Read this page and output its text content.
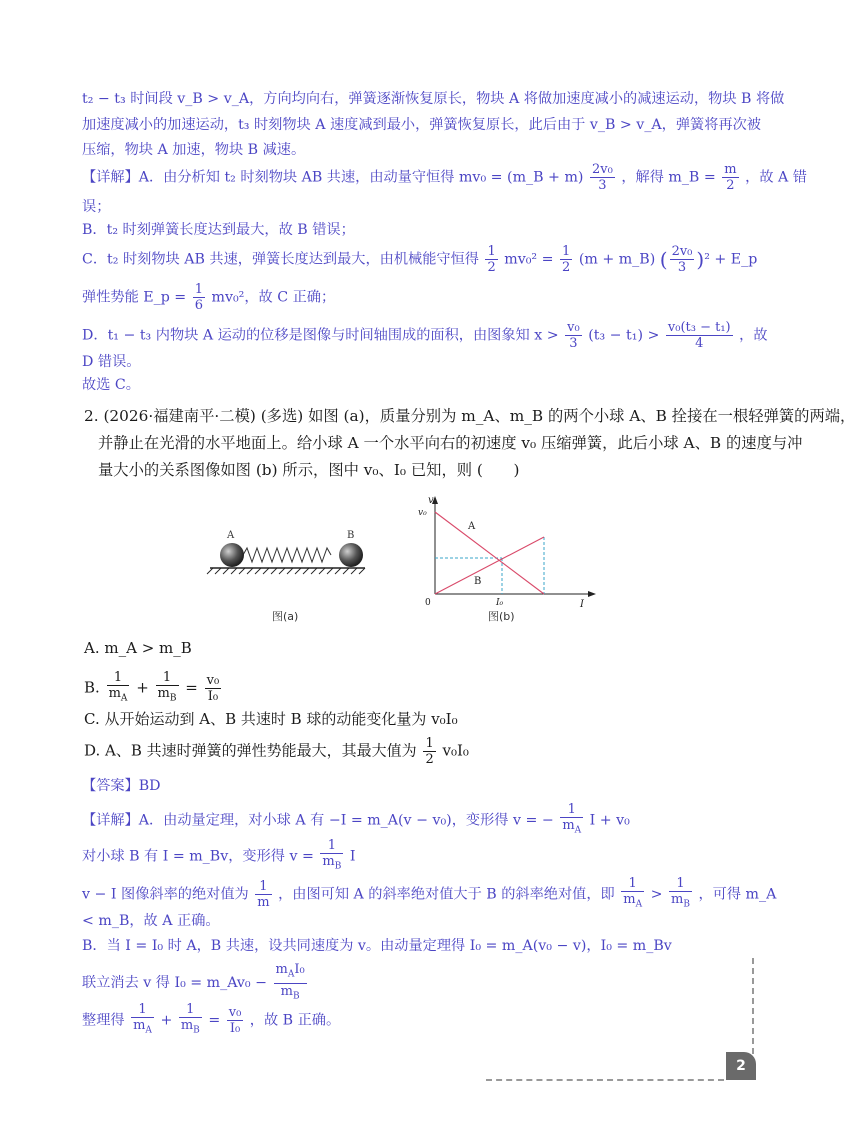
t₂ − t₃ 时间段 v_B > v_A，方向均向右，弹簧逐渐恢复原长，物块 A 将做加速度减小的减速运动，物块 B 将做
加速度减小的加速运动，t₃ 时刻物块 A 速度减到最小，弹簧恢复原长，此后由于 v_B > v_A，弹簧将再次被
压缩，物块 A 加速，物块 B 减速。
【详解】A．由分析知 t₂ 时刻物块 AB 共速，由动量守恒得 mv₀ = (m_B + $m) \frac{\text{2v₀}}{3}$ ，解得 m_B = $\frac{m}{2}$ ，故 A 错
误；
B．t₂ 时刻弹簧长度达到最大，故 B 错误；
C．t₂ 时刻物块 AB 共速，弹簧长度达到最大，由机械能守恒得 $\frac{1}{2} mv_0^2 = \frac{1}{2} (m$ + m_B) ( $\frac{\text{2v₀}}{3} )^2$ + E_p
弹性势能 E_p = $\frac{1}{6} mv_0^2$，故 C 正确；
D．t₁ − t₃ 内物块 A 运动的位移是图像与时间轴围成的面积，由图象知 $x > \frac{\text{v₀}}{3} (t_3 - t_1) > \frac{\text{v₀(t₃ − t₁)}}{4}$ ，故
D 错误。
故选 C。
2. (2026·福建南平·二模) (多选) 如图 (a)，质量分别为 m_A、m_B 的两个小球 A、B 拴接在一根轻弹簧的两端，
并静止在光滑的水平地面上。给小球 A 一个水平向右的初速度 v₀ 压缩弹簧，此后小球 A、B 的速度与冲
量大小的关系图像如图 (b) 所示，图中 v₀、I₀ 已知，则 (　　)
A	B
图(a)
v
v₀
A
B
0	I₀	I
图(b)
A. m_A > m_B
B. $\frac{1}{m_A} + \frac{1}{m_B} = \frac{\text{v₀}}{\text{I₀}}$
C. 从开始运动到 A、B 共速时 B 球的动能变化量为 v₀I₀
D. A、B 共速时弹簧的弹性势能最大，其最大值为 $\frac{1}{2} v_0I_0$
【答案】BD
【详解】A．由动量定理，对小球 A 有 −I = m_A(v − v₀)，变形得 v = − $\frac{1}{m_A}$ I + v₀
对小球 B 有 I = m_Bv，变形得 $v = \frac{1}{m_B}$ I
v − I 图像斜率的绝对值为 $\frac{1}{m}$ ，由图可知 A 的斜率绝对值大于 B 的斜率绝对值，即 $\frac{1}{m_A} > \frac{1}{m_B}$ ，可得 m_A
< m_B，故 A 正确。
B．当 I = I₀ 时 A，B 共速，设共同速度为 v。由动量定理得 I₀ = m_A(v₀ − v)，I₀ = m_Bv
联立消去 v 得 I₀ = m_Av₀ − $\frac{m_AI_0}{m_B}$
整理得 $\frac{1}{m_A} + \frac{1}{m_B} = \frac{\text{v₀}}{\text{I₀}}$ ，故 B 正确。
2
